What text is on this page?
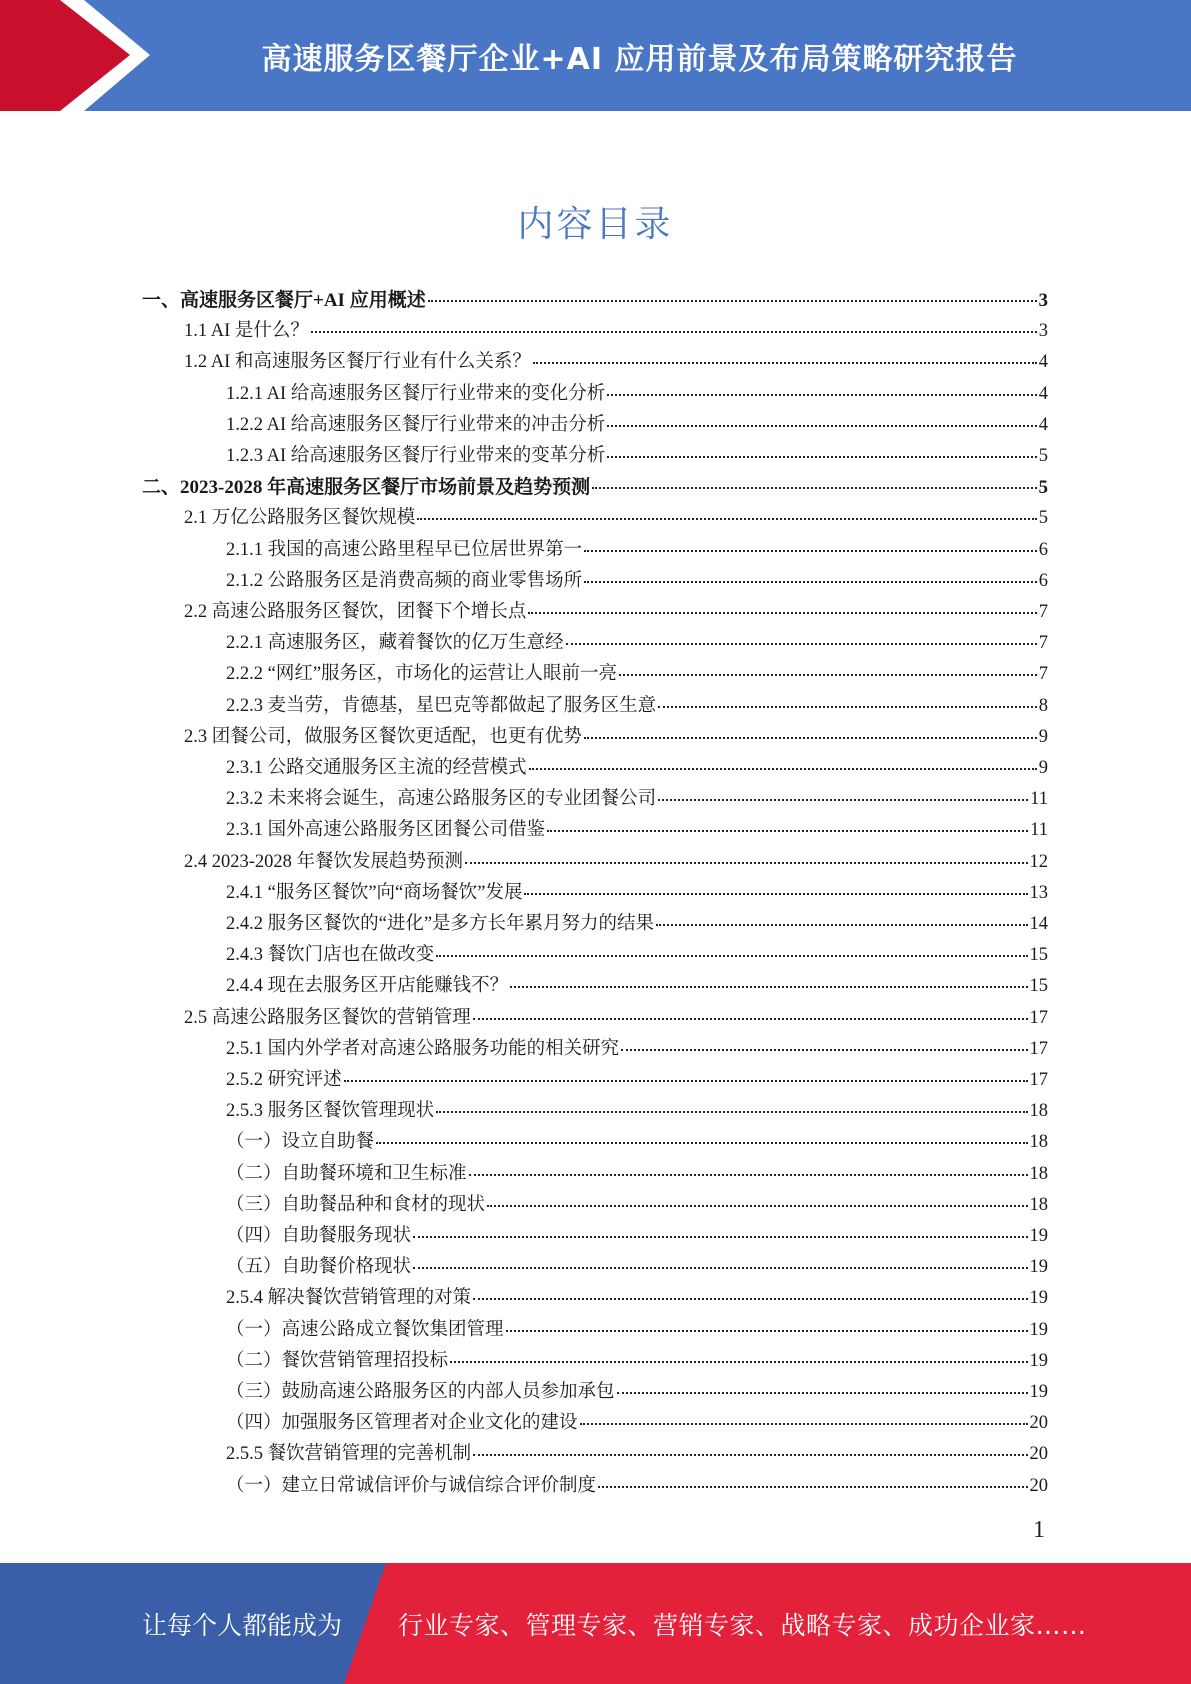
高速服务区餐厅企业+AI 应用前景及布局策略研究报告
内容目录
一、高速服务区餐厅+AI 应用概述	3
1.1 AI 是什么？	3
1.2 AI 和高速服务区餐厅行业有什么关系？	4
1.2.1 AI 给高速服务区餐厅行业带来的变化分析	4
1.2.2 AI 给高速服务区餐厅行业带来的冲击分析	4
1.2.3 AI 给高速服务区餐厅行业带来的变革分析	5
二、2023-2028 年高速服务区餐厅市场前景及趋势预测	5
2.1 万亿公路服务区餐饮规模	5
2.1.1 我国的高速公路里程早已位居世界第一	6
2.1.2 公路服务区是消费高频的商业零售场所	6
2.2 高速公路服务区餐饮，团餐下个增长点	7
2.2.1 高速服务区，藏着餐饮的亿万生意经	7
2.2.2 “网红”服务区，市场化的运营让人眼前一亮	7
2.2.3 麦当劳，肯德基，星巴克等都做起了服务区生意	8
2.3 团餐公司，做服务区餐饮更适配，也更有优势	9
2.3.1 公路交通服务区主流的经营模式	9
2.3.2 未来将会诞生，高速公路服务区的专业团餐公司	11
2.3.1 国外高速公路服务区团餐公司借鉴	11
2.4 2023-2028 年餐饮发展趋势预测	12
2.4.1 “服务区餐饮”向“商场餐饮”发展	13
2.4.2 服务区餐饮的“进化”是多方长年累月努力的结果	14
2.4.3 餐饮门店也在做改变	15
2.4.4 现在去服务区开店能赚钱不？	15
2.5 高速公路服务区餐饮的营销管理	17
2.5.1 国内外学者对高速公路服务功能的相关研究	17
2.5.2 研究评述	17
2.5.3 服务区餐饮管理现状	18
（一）设立自助餐	18
（二）自助餐环境和卫生标准	18
（三）自助餐品种和食材的现状	18
（四）自助餐服务现状	19
（五）自助餐价格现状	19
2.5.4 解决餐饮营销管理的对策	19
（一）高速公路成立餐饮集团管理	19
（二）餐饮营销管理招投标	19
（三）鼓励高速公路服务区的内部人员参加承包	19
（四）加强服务区管理者对企业文化的建设	20
2.5.5 餐饮营销管理的完善机制	20
（一）建立日常诚信评价与诚信综合评价制度	20
1
让每个人都能成为 行业专家、管理专家、营销专家、战略专家、成功企业家……
